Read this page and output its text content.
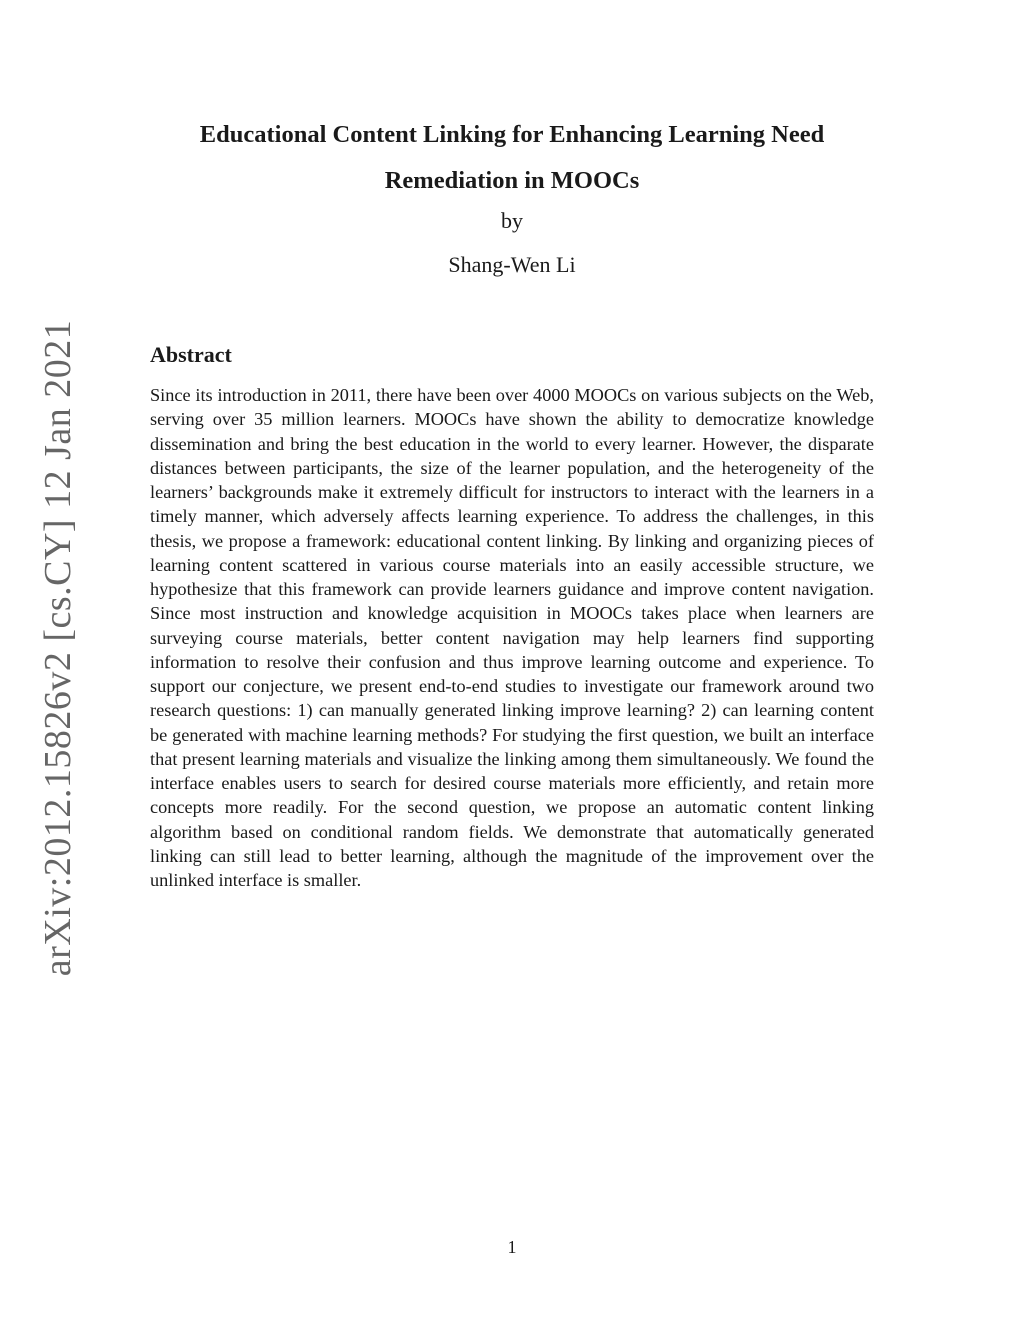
arXiv:2012.15826v2 [cs.CY] 12 Jan 2021
Educational Content Linking for Enhancing Learning Need Remediation in MOOCs

by

Shang-Wen Li

Abstract

Since its introduction in 2011, there have been over 4000 MOOCs on various subjects on the Web, serving over 35 million learners. MOOCs have shown the ability to democratize knowledge dissemination and bring the best education in the world to every learner. However, the disparate distances between participants, the size of the learner population, and the heterogeneity of the learners’ backgrounds make it extremely difficult for instructors to interact with the learners in a timely manner, which adversely affects learning experience. To address the challenges, in this thesis, we propose a framework: educational content linking. By linking and organizing pieces of learning content scattered in various course materials into an easily accessible structure, we hypothesize that this framework can provide learners guidance and improve content navigation. Since most instruction and knowledge acquisition in MOOCs takes place when learners are surveying course materials, better content navigation may help learners find supporting information to resolve their confusion and thus improve learning outcome and experience. To support our conjecture, we present end-to-end studies to investigate our framework around two research questions: 1) can manually generated linking improve learning? 2) can learning content be generated with machine learning methods? For studying the first question, we built an interface that present learning materials and visualize the linking among them simultaneously. We found the interface enables users to search for desired course materials more efficiently, and retain more concepts more readily. For the second question, we propose an automatic content linking algorithm based on conditional random fields. We demonstrate that automatically generated linking can still lead to better learning, although the magnitude of the improvement over the unlinked interface is smaller.

1
